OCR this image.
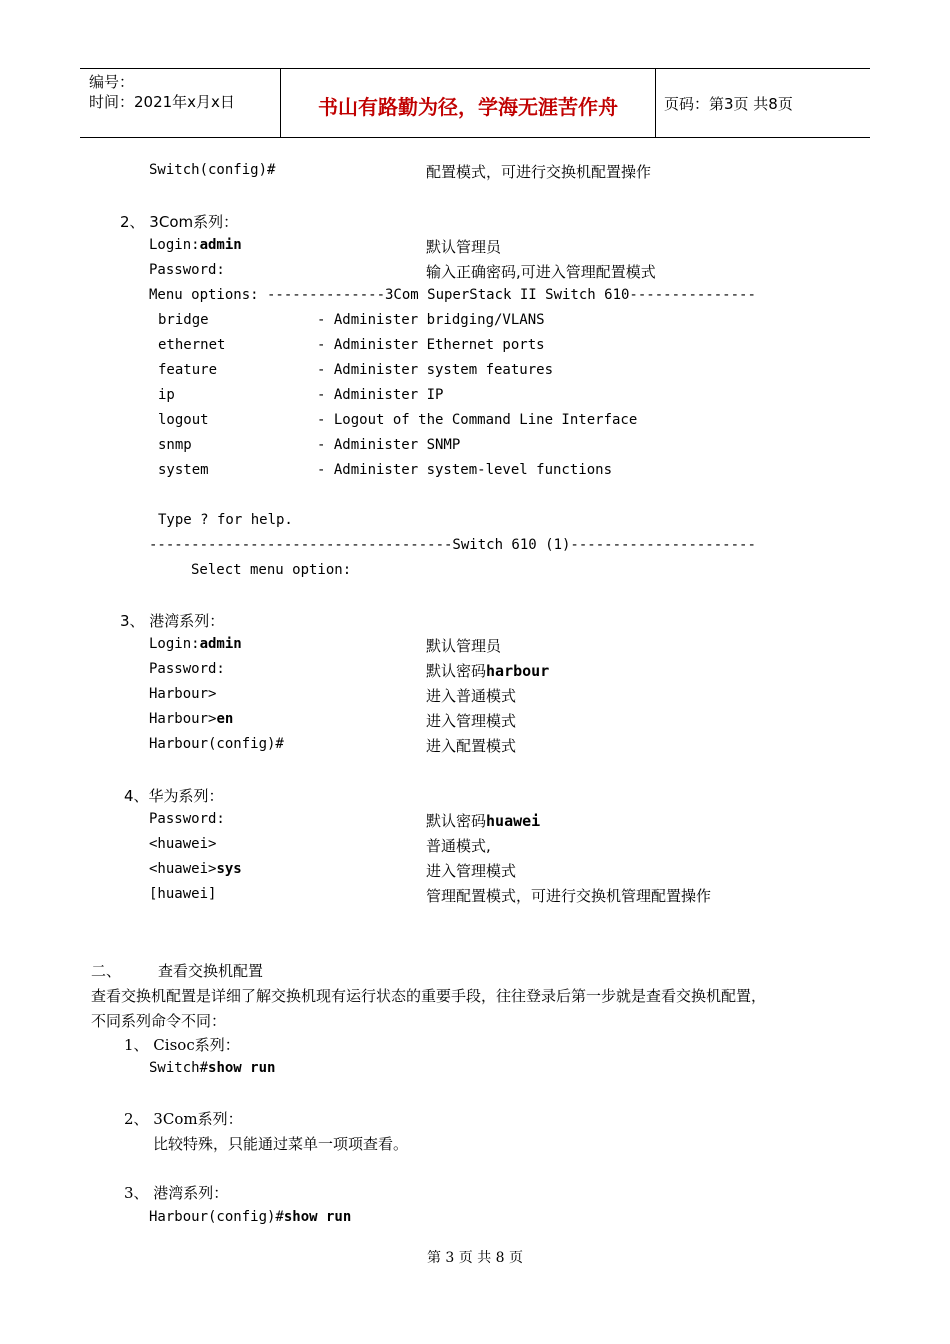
编号：
时间：2021年x月x日	书山有路勤为径，学海无涯苦作舟	页码：第3页 共8页
Switch(config)#	配置模式，可进行交换机配置操作
2、 3Com系列：
Login:admin	默认管理员
Password:	输入正确密码,可进入管理配置模式
Menu options: --------------3Com SuperStack II Switch 610---------------
bridge	- Administer bridging/VLANS
ethernet	- Administer Ethernet ports
feature	- Administer system features
ip	- Administer IP
logout	- Logout of the Command Line Interface
snmp	- Administer SNMP
system	- Administer system-level functions
Type ? for help.
------------------------------------Switch 610 (1)----------------------
Select menu option:
3、 港湾系列：
Login:admin	默认管理员
Password:	默认密码harbour
Harbour>	进入普通模式
Harbour>en	进入管理模式
Harbour(config)#	进入配置模式
4、华为系列：
Password:	默认密码huawei
<huawei>	普通模式,
<huawei>sys	进入管理模式
[huawei]	管理配置模式，可进行交换机管理配置操作
二、 查看交换机配置
查看交换机配置是详细了解交换机现有运行状态的重要手段，往往登录后第一步就是查看交换机配置，
不同系列命令不同：
1、 Cisoc系列：
Switch#show run
2、 3Com系列：
比较特殊，只能通过菜单一项项查看。
3、 港湾系列：
Harbour(config)#show run
第 3 页 共 8 页
